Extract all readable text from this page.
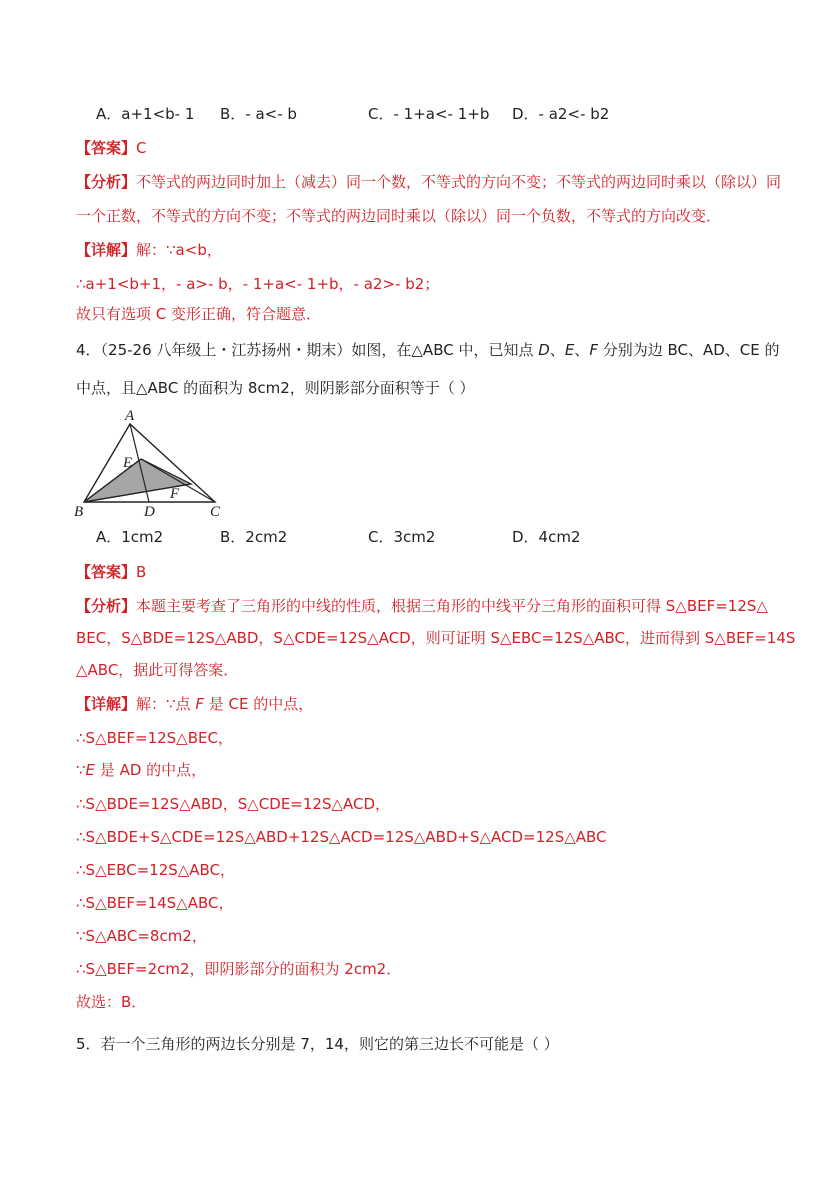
A．a+1<b- 1 B．- a<- b	C．- 1+a<- 1+b D．- a2<- b2
【答案】C
【分析】不等式的两边同时加上（减去）同一个数，不等式的方向不变；不等式的两边同时乘以（除以）同
一个正数，不等式的方向不变；不等式的两边同时乘以（除以）同一个负数，不等式的方向改变．
【详解】解：∵a<b，
∴a+1<b+1，- a>- b，- 1+a<- 1+b，- a2>- b2；
故只有选项 C 变形正确，符合题意．
4．（25-26 八年级上・江苏扬州・期末）如图，在△ABC 中，已知点 D、E、F 分别为边 BC、AD、CE 的
中点，且△ABC 的面积为 8cm2，则阴影部分面积等于（ ）
A
B	C
D
E
F
A．1cm2	B．2cm2	C．3cm2	D．4cm2
【答案】B
【分析】本题主要考查了三角形的中线的性质，根据三角形的中线平分三角形的面积可得 S△BEF=12S△
BEC，S△BDE=12S△ABD，S△CDE=12S△ACD，则可证明 S△EBC=12S△ABC，进而得到 S△BEF=14S
△ABC，据此可得答案．
【详解】解：∵点 F 是 CE 的中点，
∴S△BEF=12S△BEC，
∵E 是 AD 的中点，
∴S△BDE=12S△ABD，S△CDE=12S△ACD，
∴S△BDE+S△CDE=12S△ABD+12S△ACD=12S△ABD+S△ACD=12S△ABC
∴S△EBC=12S△ABC，
∴S△BEF=14S△ABC，
∵S△ABC=8cm2，
∴S△BEF=2cm2，即阴影部分的面积为 2cm2．
故选：B．
5．若一个三角形的两边长分别是 7，14，则它的第三边长不可能是（ ）
